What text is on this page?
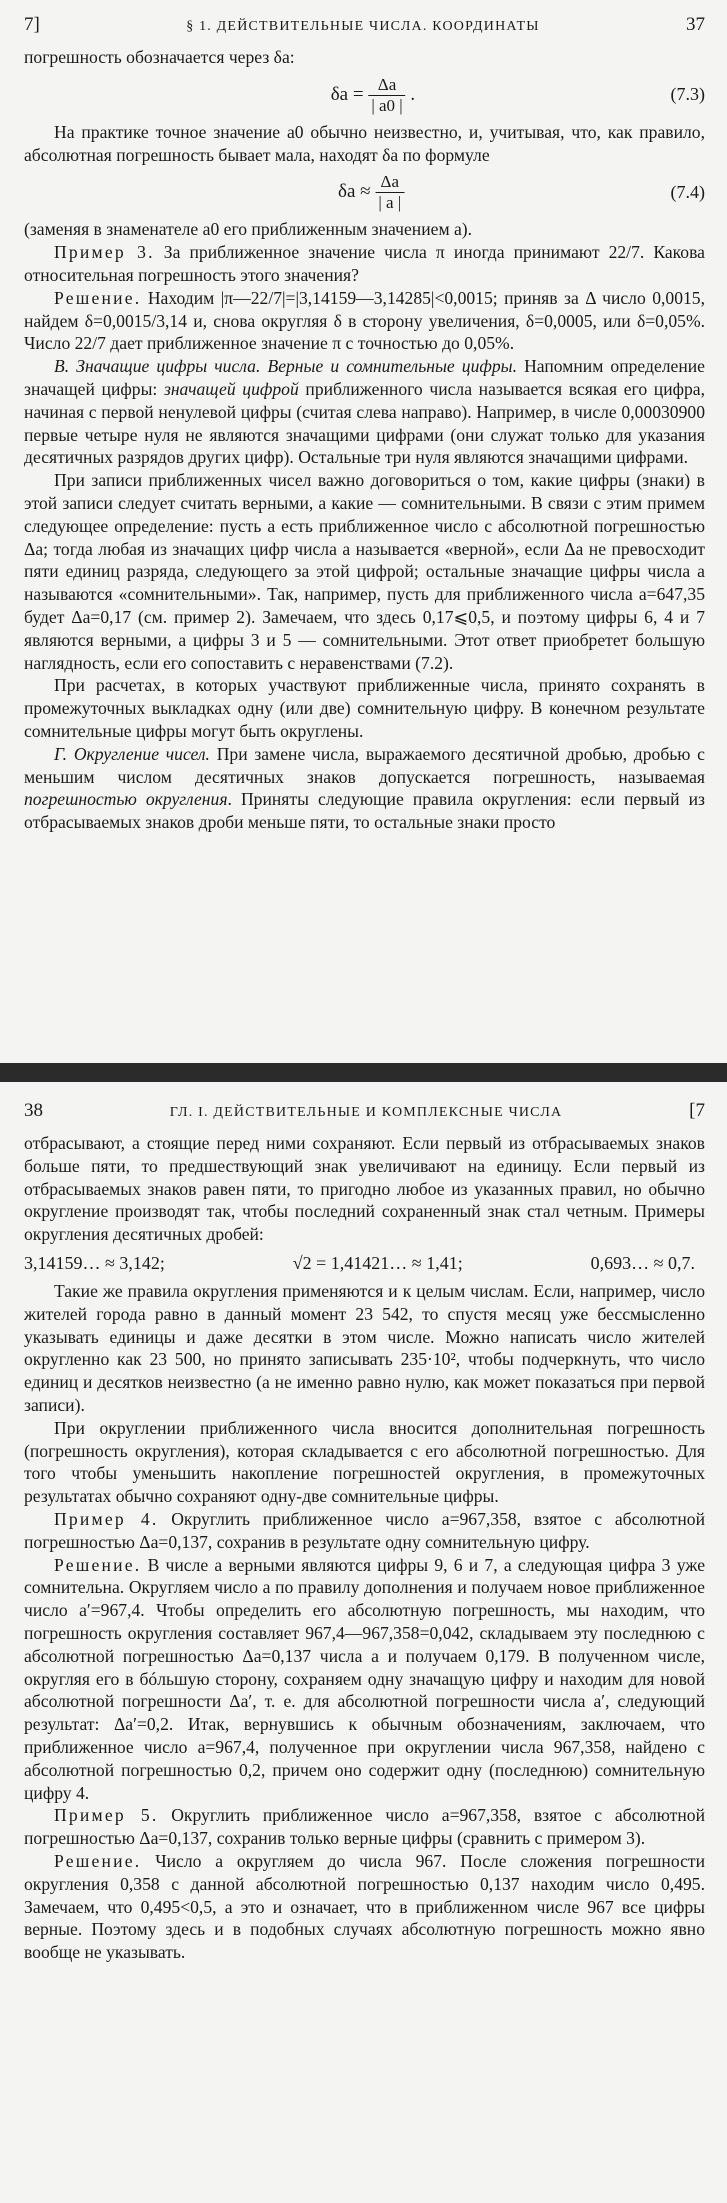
7]	§ 1. ДЕЙСТВИТЕЛЬНЫЕ ЧИСЛА. КООРДИНАТЫ	37

погрешность обозначается через δa:

$\delta a = \frac{\Delta a}{| a0 |}$ .	(7.3)

На практике точное значение a0 обычно неизвестно, и, учитывая, что, как правило, абсолютная погрешность бывает мала, находят δa по формуле

$\delta a \approx \frac{\Delta a}{| a |}$	(7.4)

(заменяя в знаменателе a0 его приближенным значением a).

Пример 3. За приближенное значение числа π иногда принимают 22/7. Какова относительная погрешность этого значения?

Решение. Находим |π—22/7|=|3,14159—3,14285|<0,0015; приняв за Δ число 0,0015, найдем δ=0,0015/3,14 и, снова округляя δ в сторону увеличения, δ=0,0005, или δ=0,05%. Число 22/7 дает приближенное значение π с точностью до 0,05%.

В. Значащие цифры числа. Верные и сомнительные цифры. Напомним определение значащей цифры: значащей цифрой приближенного числа называется всякая его цифра, начиная с первой ненулевой цифры (считая слева направо). Например, в числе 0,00030900 первые четыре нуля не являются значащими цифрами (они служат только для указания десятичных разрядов других цифр). Остальные три нуля являются значащими цифрами.

При записи приближенных чисел важно договориться о том, какие цифры (знаки) в этой записи следует считать верными, а какие — сомнительными. В связи с этим примем следующее определение: пусть a есть приближенное число с абсолютной погрешностью Δa; тогда любая из значащих цифр числа a называется «верной», если Δa не превосходит пяти единиц разряда, следующего за этой цифрой; остальные значащие цифры числа a называются «сомнительными». Так, например, пусть для приближенного числа a=647,35 будет Δa=0,17 (см. пример 2). Замечаем, что здесь 0,17⩽0,5, и поэтому цифры 6, 4 и 7 являются верными, а цифры 3 и 5 — сомнительными. Этот ответ приобретет большую наглядность, если его сопоставить с неравенствами (7.2).

При расчетах, в которых участвуют приближенные числа, принято сохранять в промежуточных выкладках одну (или две) сомнительную цифру. В конечном результате сомнительные цифры могут быть округлены.

Г. Округление чисел. При замене числа, выражаемого десятичной дробью, дробью с меньшим числом десятичных знаков допускается погрешность, называемая погрешностью округления. Приняты следующие правила округления: если первый из отбрасываемых знаков дроби меньше пяти, то остальные знаки просто

38	ГЛ. I. ДЕЙСТВИТЕЛЬНЫЕ И КОМПЛЕКСНЫЕ ЧИСЛА	[7

отбрасывают, а стоящие перед ними сохраняют. Если первый из отбрасываемых знаков больше пяти, то предшествующий знак увеличивают на единицу. Если первый из отбрасываемых знаков равен пяти, то пригодно любое из указанных правил, но обычно округление производят так, чтобы последний сохраненный знак стал четным. Примеры округления десятичных дробей:

3,14159… ≈ 3,142;	√2 = 1,41421… ≈ 1,41;	0,693… ≈ 0,7.

Такие же правила округления применяются и к целым числам. Если, например, число жителей города равно в данный момент 23 542, то спустя месяц уже бессмысленно указывать единицы и даже десятки в этом числе. Можно написать число жителей округленно как 23 500, но принято записывать 235·10², чтобы подчеркнуть, что число единиц и десятков неизвестно (а не именно равно нулю, как может показаться при первой записи).

При округлении приближенного числа вносится дополнительная погрешность (погрешность округления), которая складывается с его абсолютной погрешностью. Для того чтобы уменьшить накопление погрешностей округления, в промежуточных результатах обычно сохраняют одну-две сомнительные цифры.

Пример 4. Округлить приближенное число a=967,358, взятое с абсолютной погрешностью Δa=0,137, сохранив в результате одну сомнительную цифру.

Решение. В числе a верными являются цифры 9, 6 и 7, а следующая цифра 3 уже сомнительна. Округляем число a по правилу дополнения и получаем новое приближенное число a′=967,4. Чтобы определить его абсолютную погрешность, мы находим, что погрешность округления составляет 967,4—967,358=0,042, складываем эту последнюю с абсолютной погрешностью Δa=0,137 числа a и получаем 0,179. В полученном числе, округляя его в бóльшую сторону, сохраняем одну значащую цифру и находим для новой абсолютной погрешности Δa′, т. е. для абсолютной погрешности числа a′, следующий результат: Δa′=0,2. Итак, вернувшись к обычным обозначениям, заключаем, что приближенное число a=967,4, полученное при округлении числа 967,358, найдено с абсолютной погрешностью 0,2, причем оно содержит одну (последнюю) сомнительную цифру 4.

Пример 5. Округлить приближенное число a=967,358, взятое с абсолютной погрешностью Δa=0,137, сохранив только верные цифры (сравнить с примером 3).

Решение. Число a округляем до числа 967. После сложения погрешности округления 0,358 с данной абсолютной погрешностью 0,137 находим число 0,495. Замечаем, что 0,495<0,5, а это и означает, что в приближенном числе 967 все цифры верные. Поэтому здесь и в подобных случаях абсолютную погрешность можно явно вообще не указывать.
